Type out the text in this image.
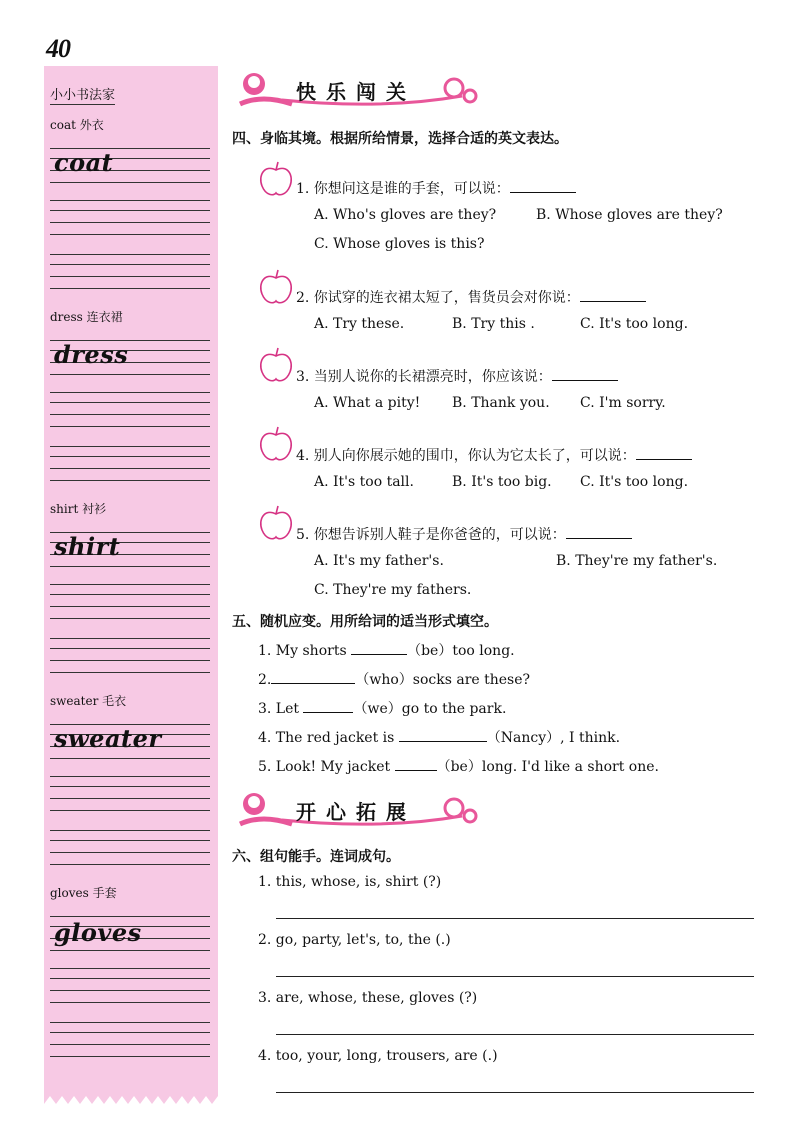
40
小小书法家
coat 外衣
coat
dress 连衣裙
dress
shirt 衬衫
shirt
sweater 毛衣
sweater
gloves 手套
gloves
快乐闯关
四、身临其境。根据所给情景，选择合适的英文表达。
1. 你想问这是谁的手套，可以说：
A. Who's gloves are they?	B. Whose gloves are they?
C. Whose gloves is this?
2. 你试穿的连衣裙太短了，售货员会对你说：
A. Try these.	B. Try this .	C. It's too long.
3. 当别人说你的长裙漂亮时，你应该说：
A. What a pity! B. Thank you. C. I'm sorry.
4. 别人向你展示她的围巾，你认为它太长了，可以说：
A. It's too tall.	B. It's too big. C. It's too long.
5. 你想告诉别人鞋子是你爸爸的，可以说：
A. It's my father's.	B. They're my father's.
C. They're my fathers.
五、随机应变。用所给词的适当形式填空。
1. My shorts	（be）too long.
2.	（who）socks are these?
3. Let	（we）go to the park.
4. The red jacket is	（Nancy）, I think.
5. Look! My jacket	（be）long. I'd like a short one.
开心拓展
六、组句能手。连词成句。
1. this, whose, is, shirt (?)
2. go, party, let's, to, the (.)
3. are, whose, these, gloves (?)
4. too, your, long, trousers, are (.)
